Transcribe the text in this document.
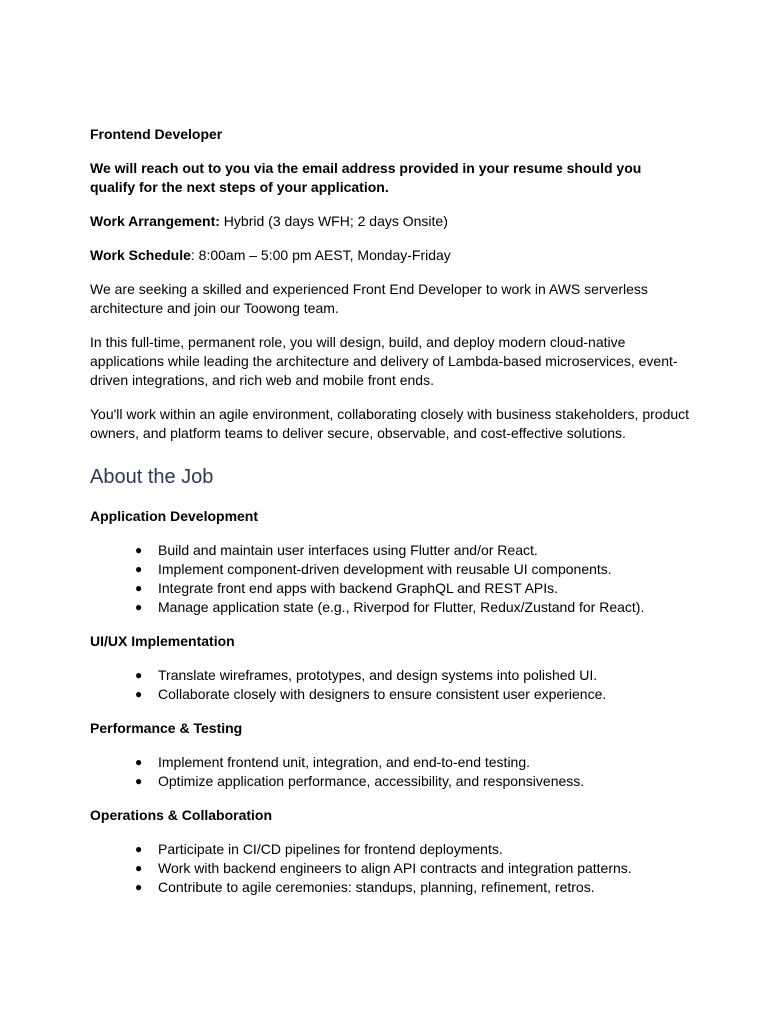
Frontend Developer

We will reach out to you via the email address provided in your resume should you qualify for the next steps of your application.

Work Arrangement: Hybrid (3 days WFH; 2 days Onsite)

Work Schedule: 8:00am – 5:00 pm AEST, Monday-Friday

We are seeking a skilled and experienced Front End Developer to work in AWS serverless architecture and join our Toowong team.

In this full-time, permanent role, you will design, build, and deploy modern cloud-native applications while leading the architecture and delivery of Lambda-based microservices, event-driven integrations, and rich web and mobile front ends.

You'll work within an agile environment, collaborating closely with business stakeholders, product owners, and platform teams to deliver secure, observable, and cost-effective solutions.

About the Job

Application Development

● Build and maintain user interfaces using Flutter and/or React.
● Implement component-driven development with reusable UI components.
● Integrate front end apps with backend GraphQL and REST APIs.
● Manage application state (e.g., Riverpod for Flutter, Redux/Zustand for React).

UI/UX Implementation

● Translate wireframes, prototypes, and design systems into polished UI.
● Collaborate closely with designers to ensure consistent user experience.

Performance & Testing

● Implement frontend unit, integration, and end-to-end testing.
● Optimize application performance, accessibility, and responsiveness.

Operations & Collaboration

● Participate in CI/CD pipelines for frontend deployments.
● Work with backend engineers to align API contracts and integration patterns.
● Contribute to agile ceremonies: standups, planning, refinement, retros.
